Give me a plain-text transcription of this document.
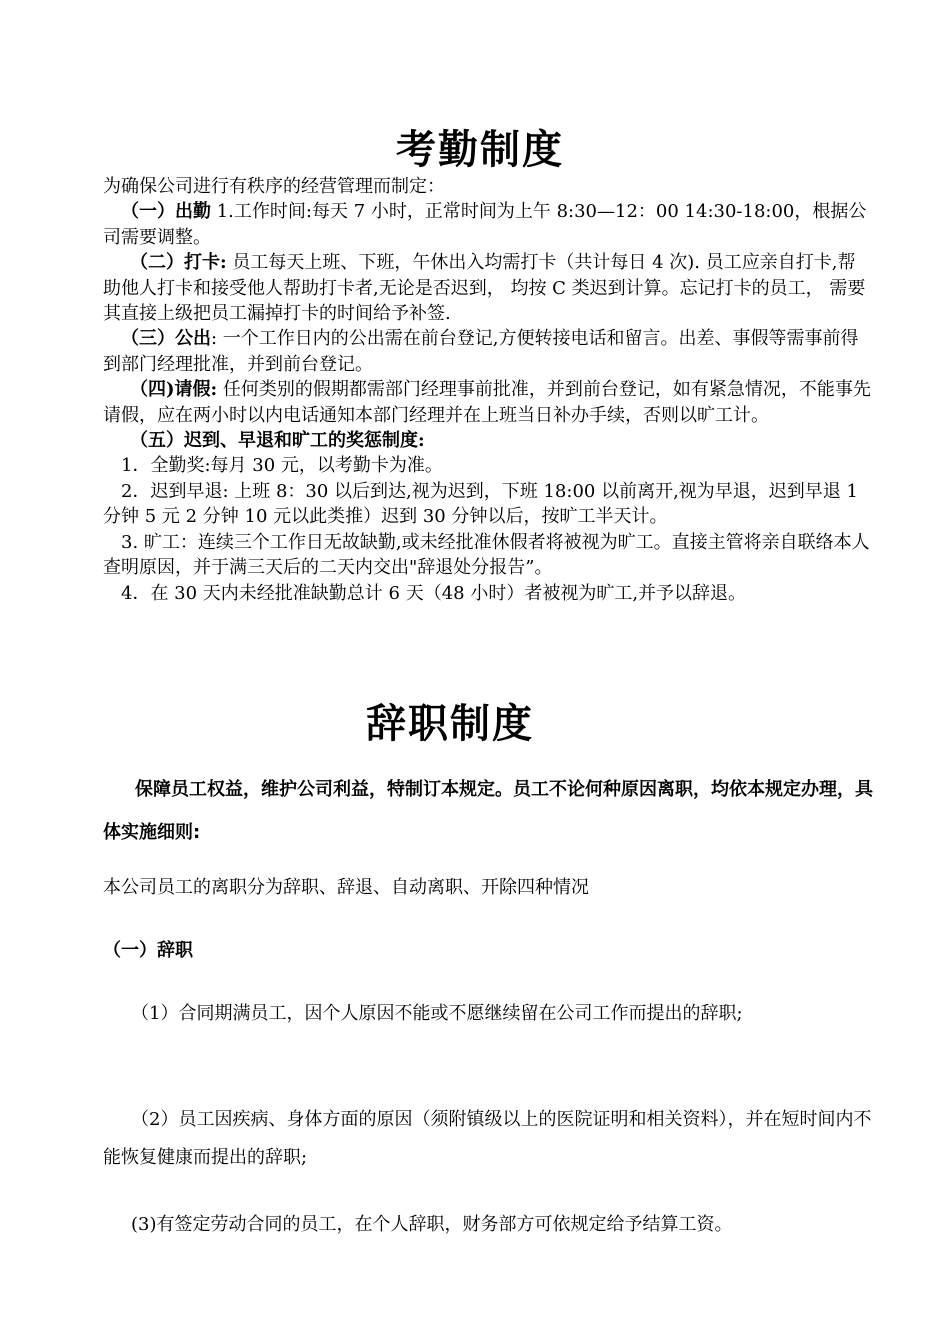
考勤制度

为确保公司进行有秩序的经营管理而制定：

（一）出勤 1.工作时间:每天 7 小时，正常时间为上午 8:30—12：00 14:30-18:00，根据公司需要调整。

（二）打卡: 员工每天上班、下班，午休出入均需打卡（共计每日 4 次). 员工应亲自打卡,帮助他人打卡和接受他人帮助打卡者,无论是否迟到， 均按 C 类迟到计算。忘记打卡的员工， 需要其直接上级把员工漏掉打卡的时间给予补签.

（三）公出: 一个工作日内的公出需在前台登记,方便转接电话和留言。出差、事假等需事前得到部门经理批准，并到前台登记。

（四)请假: 任何类别的假期都需部门经理事前批准，并到前台登记，如有紧急情况，不能事先请假，应在两小时以内电话通知本部门经理并在上班当日补办手续，否则以旷工计。

（五）迟到、早退和旷工的奖惩制度:

1．全勤奖:每月 30 元，以考勤卡为准。

2．迟到早退: 上班 8：30 以后到达,视为迟到，下班 18:00 以前离开,视为早退，迟到早退 1 分钟 5 元 2 分钟 10 元以此类推）迟到 30 分钟以后，按旷工半天计。

3. 旷工：连续三个工作日无故缺勤,或未经批准休假者将被视为旷工。直接主管将亲自联络本人查明原因，并于满三天后的二天内交出"辞退处分报告”。

4．在 30 天内未经批准缺勤总计 6 天（48 小时）者被视为旷工,并予以辞退。

辞职制度

保障员工权益，维护公司利益，特制订本规定。员工不论何种原因离职，均依本规定办理，具体实施细则:

本公司员工的离职分为辞职、辞退、自动离职、开除四种情况
（一）辞职

（1）合同期满员工，因个人原因不能或不愿继续留在公司工作而提出的辞职;

（2）员工因疾病、身体方面的原因（须附镇级以上的医院证明和相关资料），并在短时间内不能恢复健康而提出的辞职;

(3)有签定劳动合同的员工，在个人辞职，财务部方可依规定给予结算工资。
